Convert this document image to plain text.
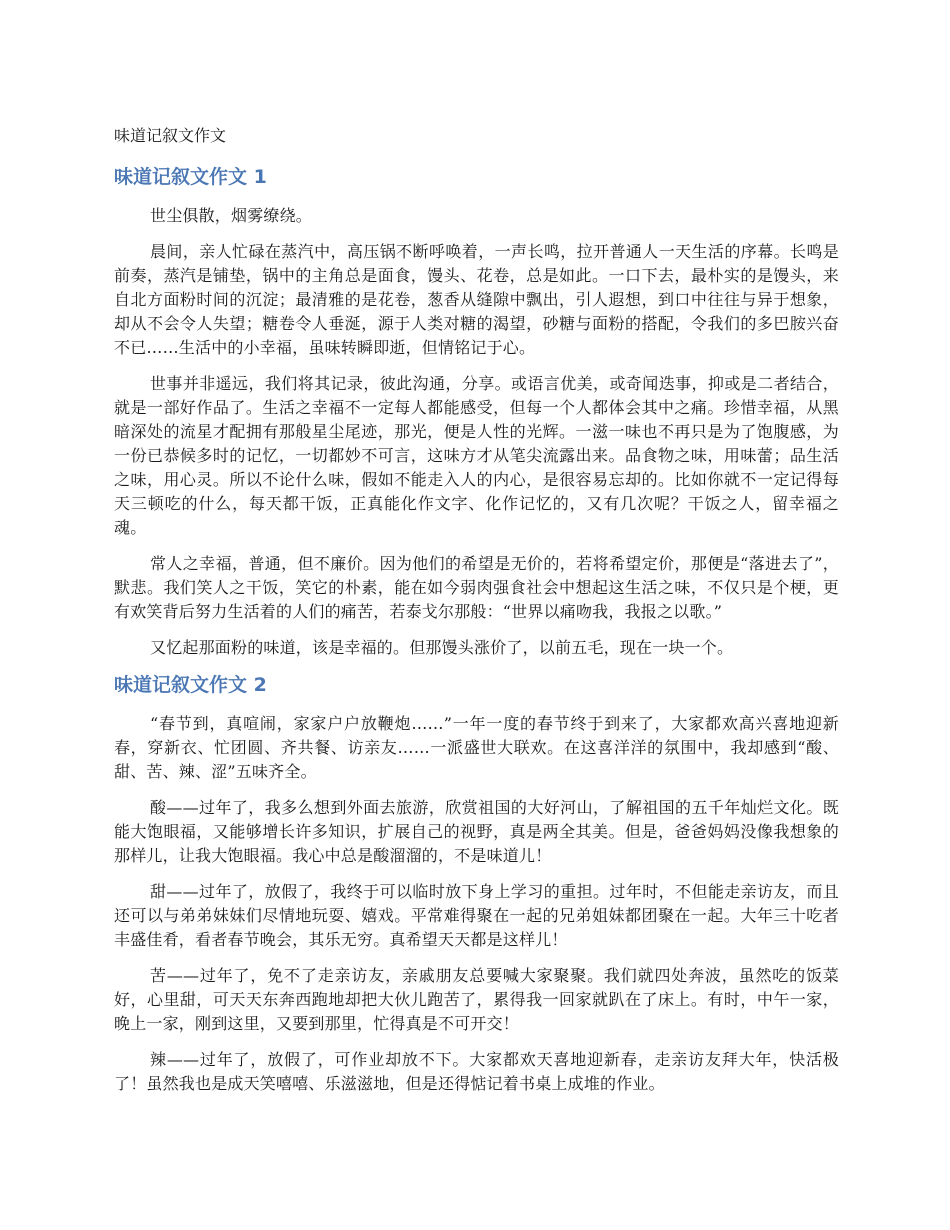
味道记叙文作文
味道记叙文作文 1

世尘俱散，烟雾缭绕。

晨间，亲人忙碌在蒸汽中，高压锅不断呼唤着，一声长鸣，拉开普通人一天生活的序幕。长鸣是前奏，蒸汽是铺垫，锅中的主角总是面食，馒头、花卷，总是如此。一口下去，最朴实的是馒头，来自北方面粉时间的沉淀；最清雅的是花卷，葱香从缝隙中飘出，引人遐想，到口中往往与异于想象，却从不会令人失望；糖卷令人垂涎，源于人类对糖的渴望，砂糖与面粉的搭配，令我们的多巴胺兴奋不已……生活中的小幸福，虽味转瞬即逝，但情铭记于心。

世事并非遥远，我们将其记录，彼此沟通，分享。或语言优美，或奇闻迭事，抑或是二者结合，就是一部好作品了。生活之幸福不一定每人都能感受，但每一个人都体会其中之痛。珍惜幸福，从黑暗深处的流星才配拥有那般星尘尾迹，那光，便是人性的光辉。一滋一味也不再只是为了饱腹感，为一份已恭候多时的记忆，一切都妙不可言，这味方才从笔尖流露出来。品食物之味，用味蕾；品生活之味，用心灵。所以不论什么味，假如不能走入人的内心，是很容易忘却的。比如你就不一定记得每天三顿吃的什么，每天都干饭，正真能化作文字、化作记忆的，又有几次呢？干饭之人，留幸福之魂。

常人之幸福，普通，但不廉价。因为他们的希望是无价的，若将希望定价，那便是“落进去了”，默悲。我们笑人之干饭，笑它的朴素，能在如今弱肉强食社会中想起这生活之味，不仅只是个梗，更有欢笑背后努力生活着的人们的痛苦，若泰戈尔那般：“世界以痛吻我，我报之以歌。”

又忆起那面粉的味道，该是幸福的。但那馒头涨价了，以前五毛，现在一块一个。

味道记叙文作文 2

“春节到，真喧闹，家家户户放鞭炮……”一年一度的春节终于到来了，大家都欢高兴喜地迎新春，穿新衣、忙团圆、齐共餐、访亲友……一派盛世大联欢。在这喜洋洋的氛围中，我却感到“酸、甜、苦、辣、涩”五味齐全。

酸——过年了，我多么想到外面去旅游，欣赏祖国的大好河山，了解祖国的五千年灿烂文化。既能大饱眼福，又能够增长许多知识，扩展自己的视野，真是两全其美。但是，爸爸妈妈没像我想象的那样儿，让我大饱眼福。我心中总是酸溜溜的，不是味道儿！

甜——过年了，放假了，我终于可以临时放下身上学习的重担。过年时，不但能走亲访友，而且还可以与弟弟妹妹们尽情地玩耍、嬉戏。平常难得聚在一起的兄弟姐妹都团聚在一起。大年三十吃者丰盛佳肴，看者春节晚会，其乐无穷。真希望天天都是这样儿！

苦——过年了，免不了走亲访友，亲戚朋友总要喊大家聚聚。我们就四处奔波，虽然吃的饭菜好，心里甜，可天天东奔西跑地却把大伙儿跑苦了，累得我一回家就趴在了床上。有时，中午一家，晚上一家，刚到这里，又要到那里，忙得真是不可开交！

辣——过年了，放假了，可作业却放不下。大家都欢天喜地迎新春，走亲访友拜大年，快活极了！虽然我也是成天笑嘻嘻、乐滋滋地，但是还得惦记着书桌上成堆的作业。
